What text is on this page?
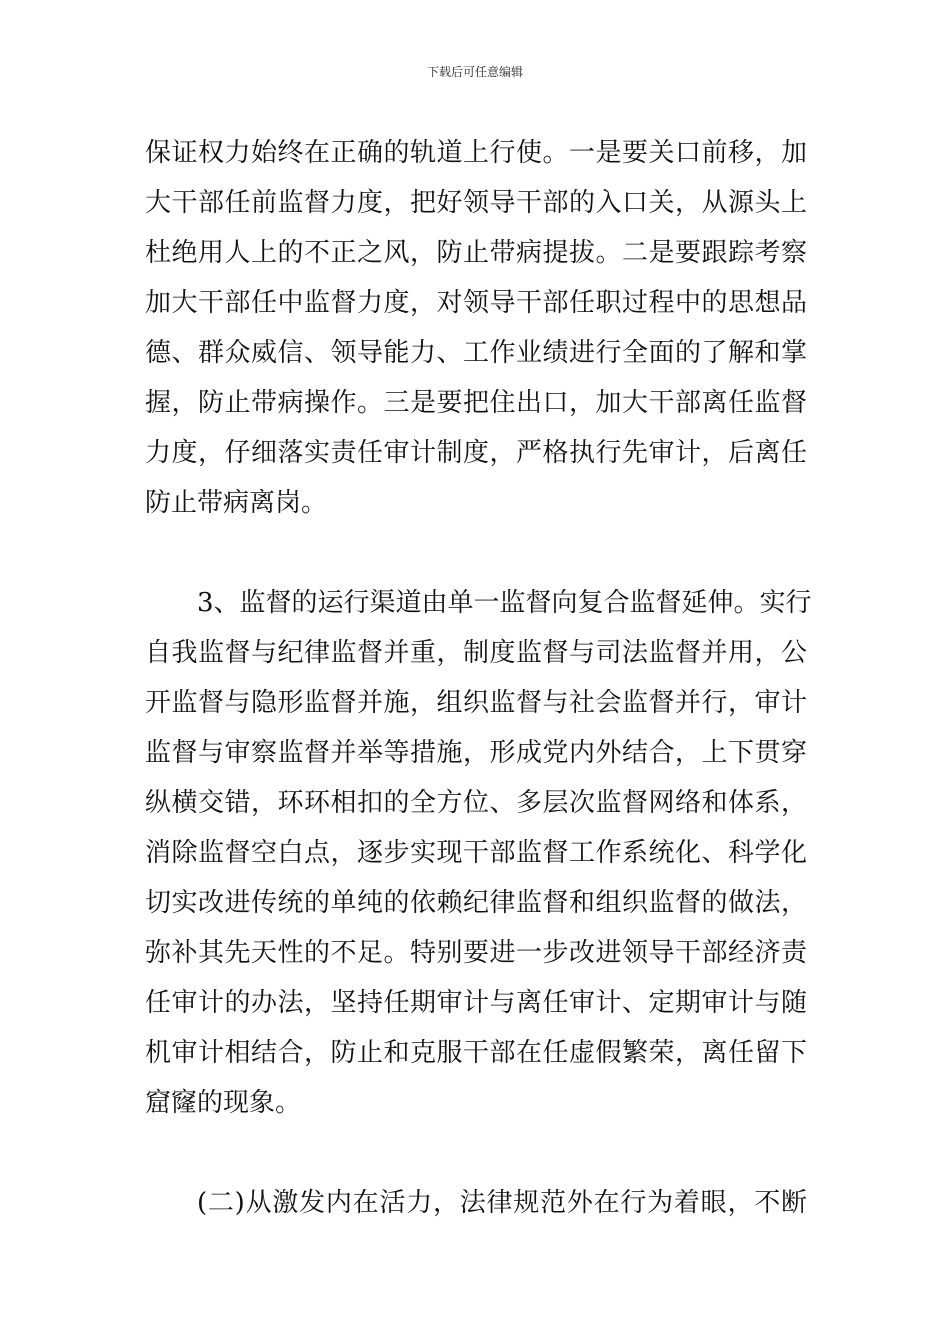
下载后可任意编辑
保证权力始终在正确的轨道上行使。一是要关口前移，加
大干部任前监督力度，把好领导干部的入口关，从源头上
杜绝用人上的不正之风，防止带病提拔。二是要跟踪考察
加大干部任中监督力度，对领导干部任职过程中的思想品
德、群众威信、领导能力、工作业绩进行全面的了解和掌
握，防止带病操作。三是要把住出口，加大干部离任监督
力度，仔细落实责任审计制度，严格执行先审计，后离任
防止带病离岗。
3、监督的运行渠道由单一监督向复合监督延伸。实行
自我监督与纪律监督并重，制度监督与司法监督并用，公
开监督与隐形监督并施，组织监督与社会监督并行，审计
监督与审察监督并举等措施，形成党内外结合，上下贯穿
纵横交错，环环相扣的全方位、多层次监督网络和体系，
消除监督空白点，逐步实现干部监督工作系统化、科学化
切实改进传统的单纯的依赖纪律监督和组织监督的做法，
弥补其先天性的不足。特别要进一步改进领导干部经济责
任审计的办法，坚持任期审计与离任审计、定期审计与随
机审计相结合，防止和克服干部在任虚假繁荣，离任留下
窟窿的现象。
(二)从激发内在活力，法律规范外在行为着眼，不断
